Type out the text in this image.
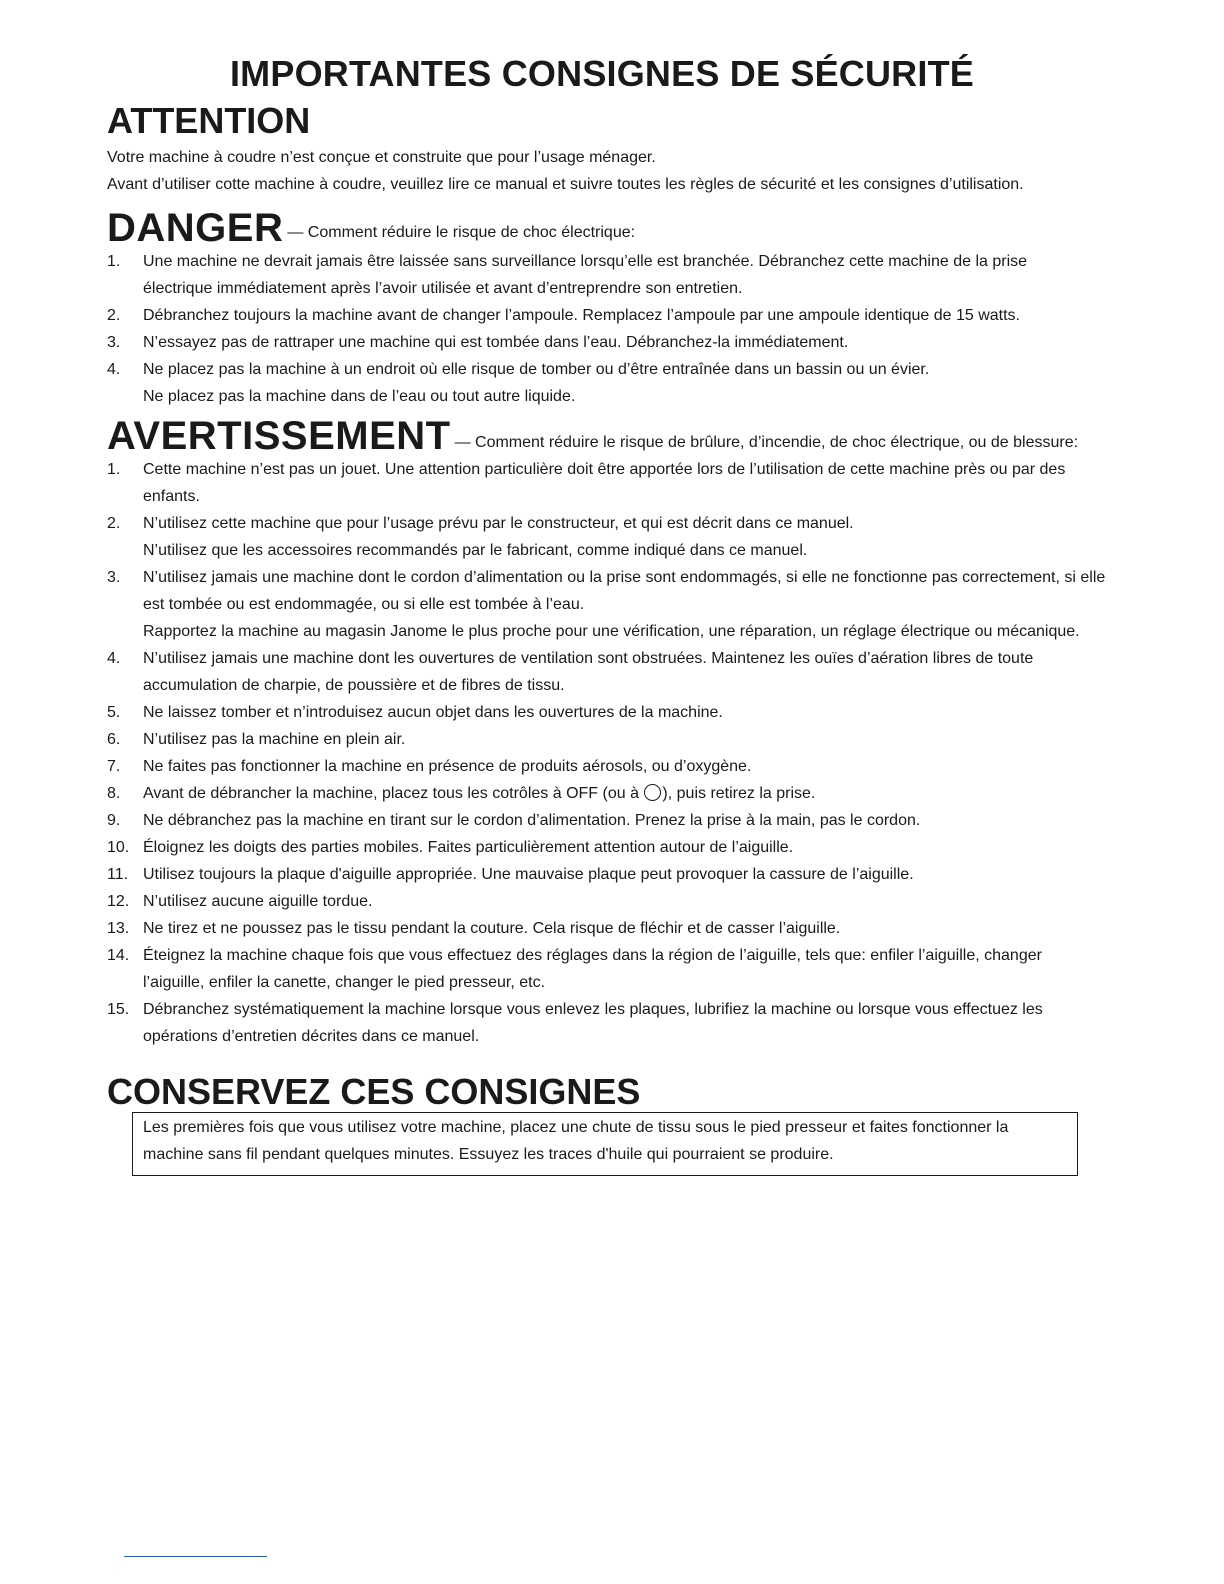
IMPORTANTES CONSIGNES DE SÉCURITÉ
ATTENTION

Votre machine à coudre n’est conçue et construite que pour l’usage ménager.

Avant d’utiliser cotte machine à coudre, veuillez lire ce manual et suivre toutes les règles de sécurité et les consignes d’utilisation.

DANGER — Comment réduire le risque de choc électrique:
1.	Une machine ne devrait jamais être laissée sans surveillance lorsqu’elle est branchée. Débranchez cette machine de la prise électrique immédiatement après l’avoir utilisée et avant d’entreprendre son entretien.
2.	Débranchez toujours la machine avant de changer l’ampoule. Remplacez l’ampoule par une ampoule identique de 15 watts.
3.	N’essayez pas de rattraper une machine qui est tombée dans l’eau. Débranchez-la immédiatement.
4.	Ne placez pas la machine à un endroit où elle risque de tomber ou d’être entraînée dans un bassin ou un évier.
Ne placez pas la machine dans de l’eau ou tout autre liquide.
AVERTISSEMENT — Comment réduire le risque de brûlure, d’incendie, de choc électrique, ou de blessure:
1.	Cette machine n’est pas un jouet. Une attention particulière doit être apportée lors de l’utilisation de cette machine près ou par des enfants.
2.	N’utilisez cette machine que pour l’usage prévu par le constructeur, et qui est décrit dans ce manuel.
N’utilisez que les accessoires recommandés par le fabricant, comme indiqué dans ce manuel.
3.	N’utilisez jamais une machine dont le cordon d’alimentation ou la prise sont endommagés, si elle ne fonctionne pas correctement, si elle est tombée ou est endommagée, ou si elle est tombée à l’eau.
Rapportez la machine au magasin Janome le plus proche pour une vérification, une réparation, un réglage électrique ou mécanique.
4.	N’utilisez jamais une machine dont les ouvertures de ventilation sont obstruées. Maintenez les ouïes d’aération libres de toute accumulation de charpie, de poussière et de fibres de tissu.
5.	Ne laissez tomber et n’introduisez aucun objet dans les ouvertures de la machine.
6.	N’utilisez pas la machine en plein air.
7.	Ne faites pas fonctionner la machine en présence de produits aérosols, ou d’oxygène.
8.	Avant de débrancher la machine, placez tous les cotrôles à OFF (ou à ), puis retirez la prise.
9.	Ne débranchez pas la machine en tirant sur le cordon d’alimentation. Prenez la prise à la main, pas le cordon.
10. Éloignez les doigts des parties mobiles. Faites particulièrement attention autour de l’aiguille.
11. Utilisez toujours la plaque d'aiguille appropriée. Une mauvaise plaque peut provoquer la cassure de l’aiguille.
12. N’utilisez aucune aiguille tordue.
13. Ne tirez et ne poussez pas le tissu pendant la couture. Cela risque de fléchir et de casser l’aiguille.
14. Éteignez la machine chaque fois que vous effectuez des réglages dans la région de l’aiguille, tels que: enfiler l’aiguille, changer l’aiguille, enfiler la canette, changer le pied presseur, etc.
15. Débranchez systématiquement la machine lorsque vous enlevez les plaques, lubrifiez la machine ou lorsque vous effectuez les opérations d’entretien décrites dans ce manuel.
CONSERVEZ CES CONSIGNES
Les premières fois que vous utilisez votre machine, placez une chute de tissu sous le pied presseur et faites fonctionner la machine sans fil pendant quelques minutes. Essuyez les traces d'huile qui pourraient se produire.
